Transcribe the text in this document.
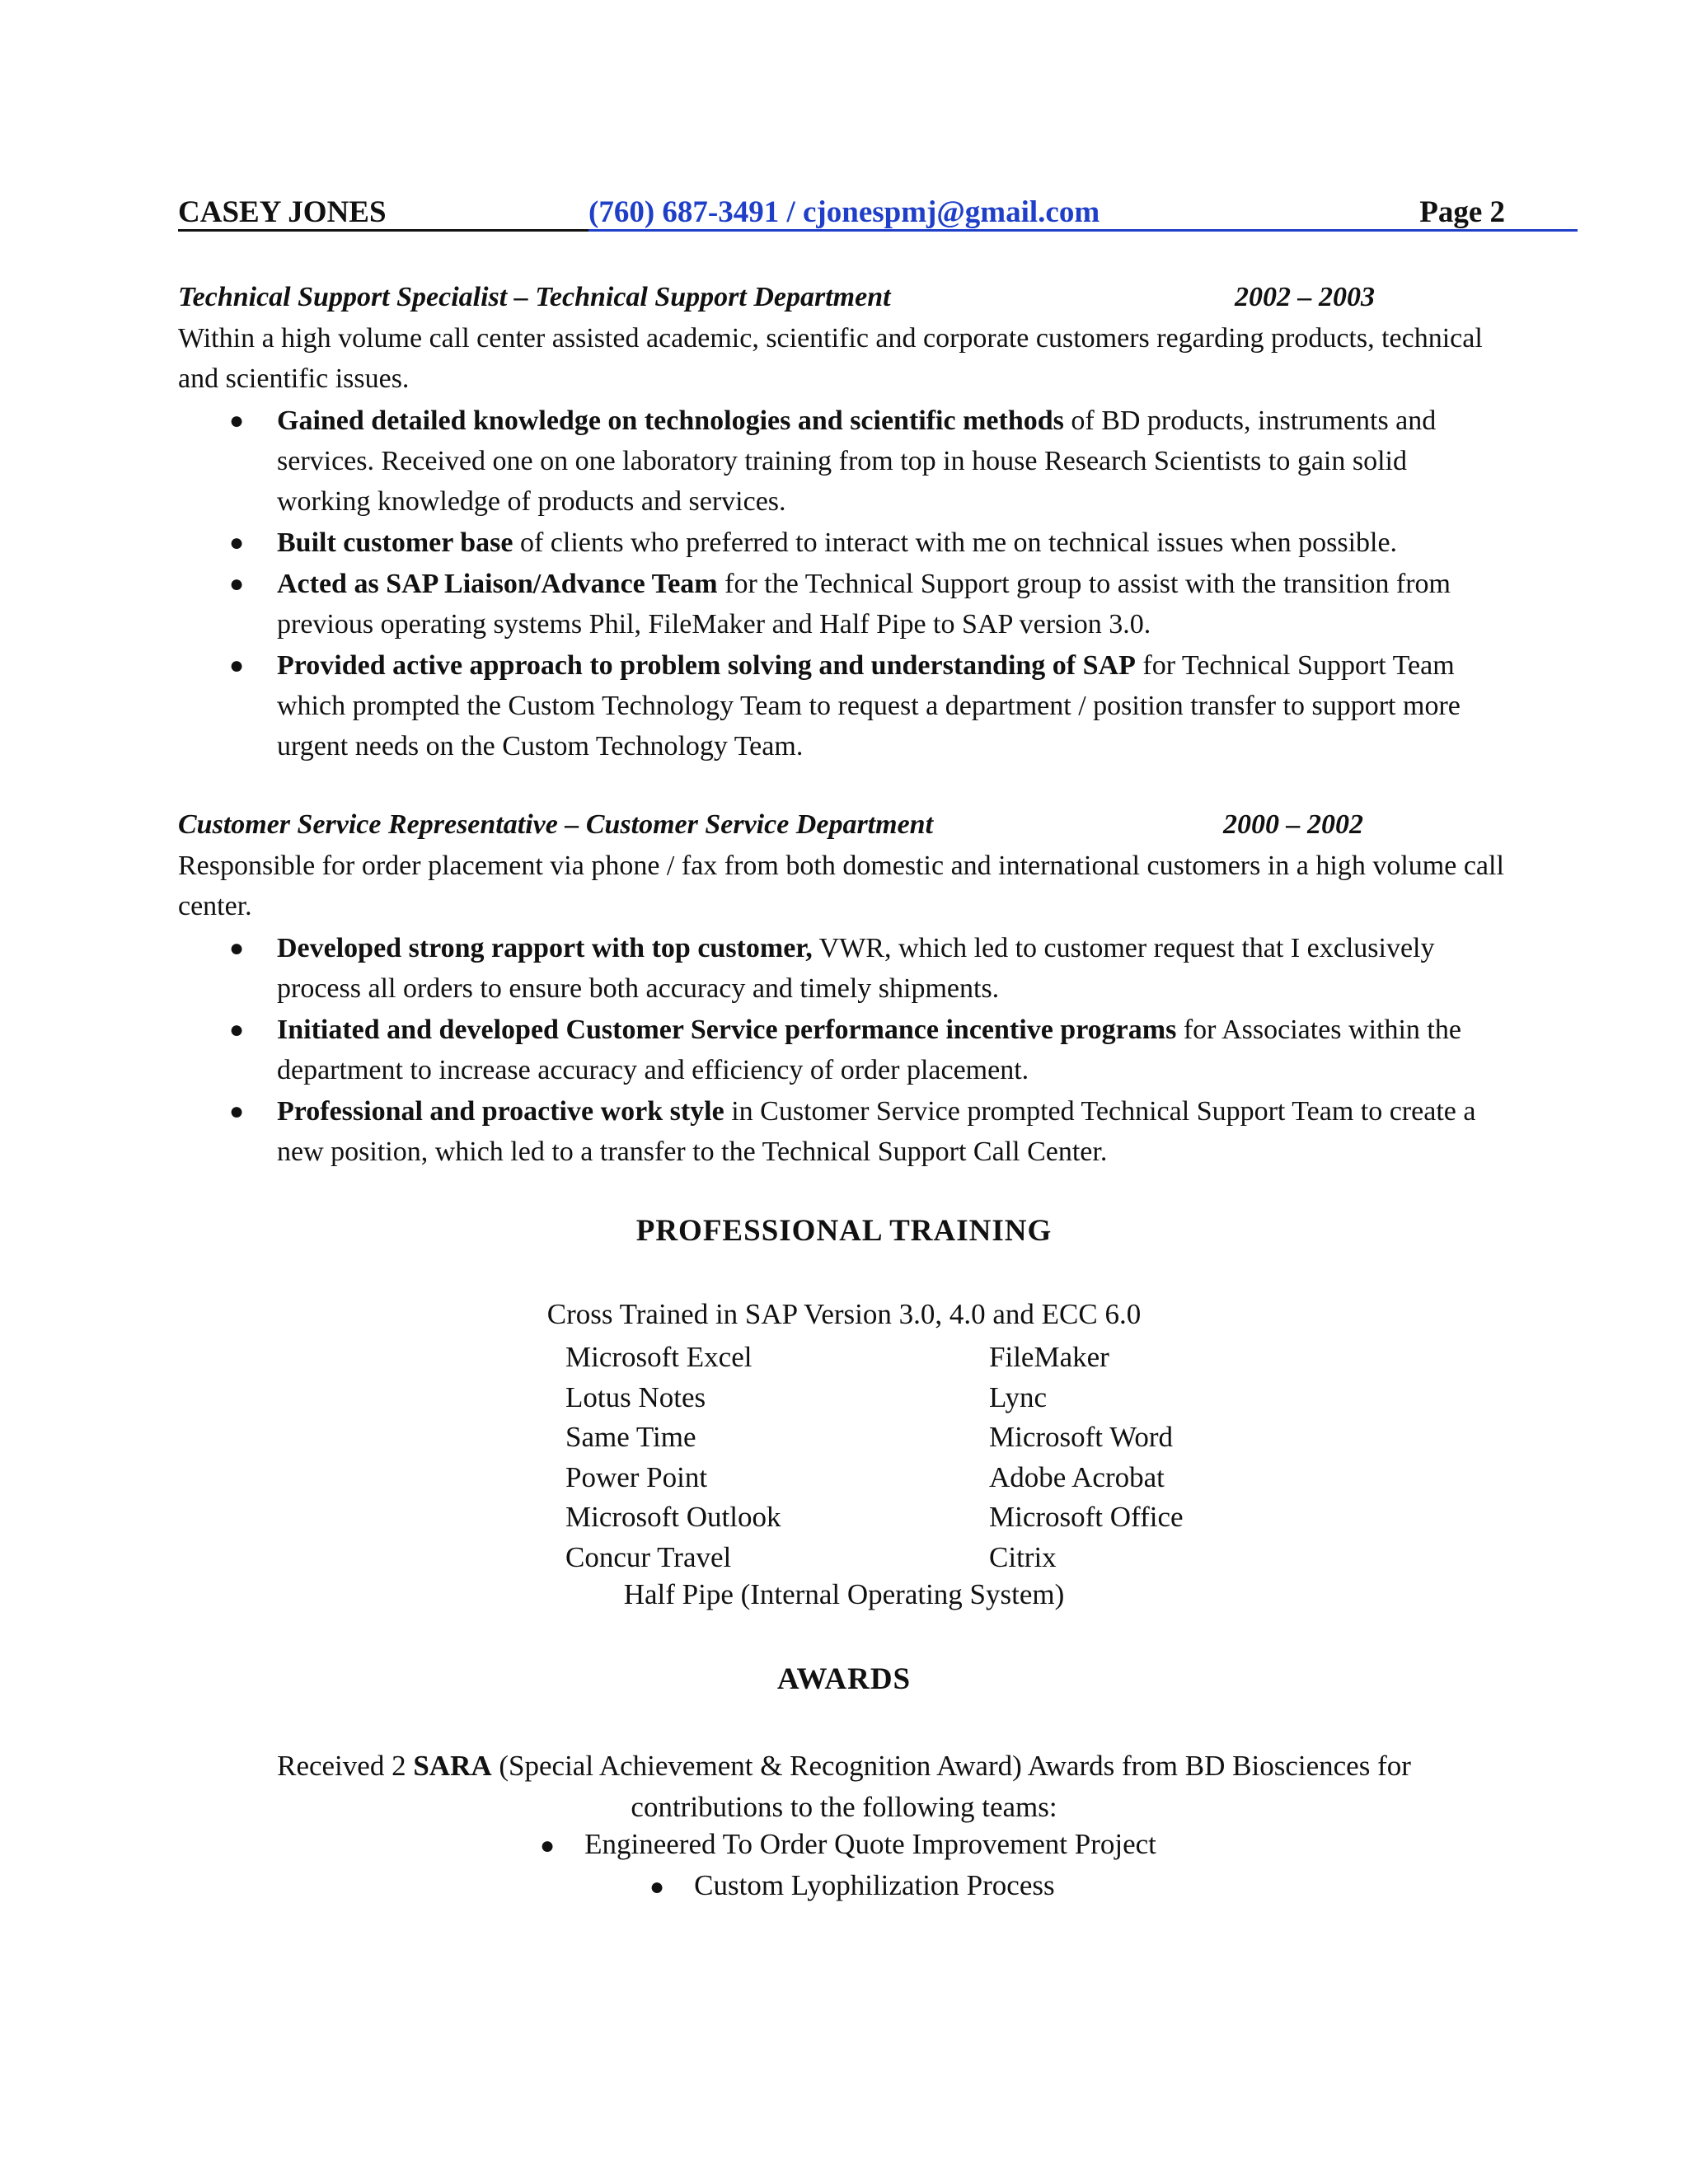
CASEY JONES	(760) 687-3491 / cjonespmj@gmail.com	Page 2
Technical Support Specialist – Technical Support Department	2002 – 2003

Within a high volume call center assisted academic, scientific and corporate customers regarding products, technical and scientific issues.

● Gained detailed knowledge on technologies and scientific methods of BD products, instruments and services. Received one on one laboratory training from top in house Research Scientists to gain solid working knowledge of products and services.
● Built customer base of clients who preferred to interact with me on technical issues when possible.
● Acted as SAP Liaison/Advance Team for the Technical Support group to assist with the transition from previous operating systems Phil, FileMaker and Half Pipe to SAP version 3.0.
● Provided active approach to problem solving and understanding of SAP for Technical Support Team which prompted the Custom Technology Team to request a department / position transfer to support more urgent needs on the Custom Technology Team.
Customer Service Representative – Customer Service Department	2000 – 2002

Responsible for order placement via phone / fax from both domestic and international customers in a high volume call center.

● Developed strong rapport with top customer, VWR, which led to customer request that I exclusively process all orders to ensure both accuracy and timely shipments.
● Initiated and developed Customer Service performance incentive programs for Associates within the department to increase accuracy and efficiency of order placement.
● Professional and proactive work style in Customer Service prompted Technical Support Team to create a new position, which led to a transfer to the Technical Support Call Center.
PROFESSIONAL TRAINING
Cross Trained in SAP Version 3.0, 4.0 and ECC 6.0
Microsoft Excel	FileMaker
Lotus Notes	Lync
Same Time	Microsoft Word
Power Point	Adobe Acrobat
Microsoft Outlook	Microsoft Office
Concur Travel	Citrix
Half Pipe (Internal Operating System)
AWARDS
Received 2 SARA (Special Achievement & Recognition Award) Awards from BD Biosciences for contributions to the following teams:
● Engineered To Order Quote Improvement Project
● Custom Lyophilization Process
